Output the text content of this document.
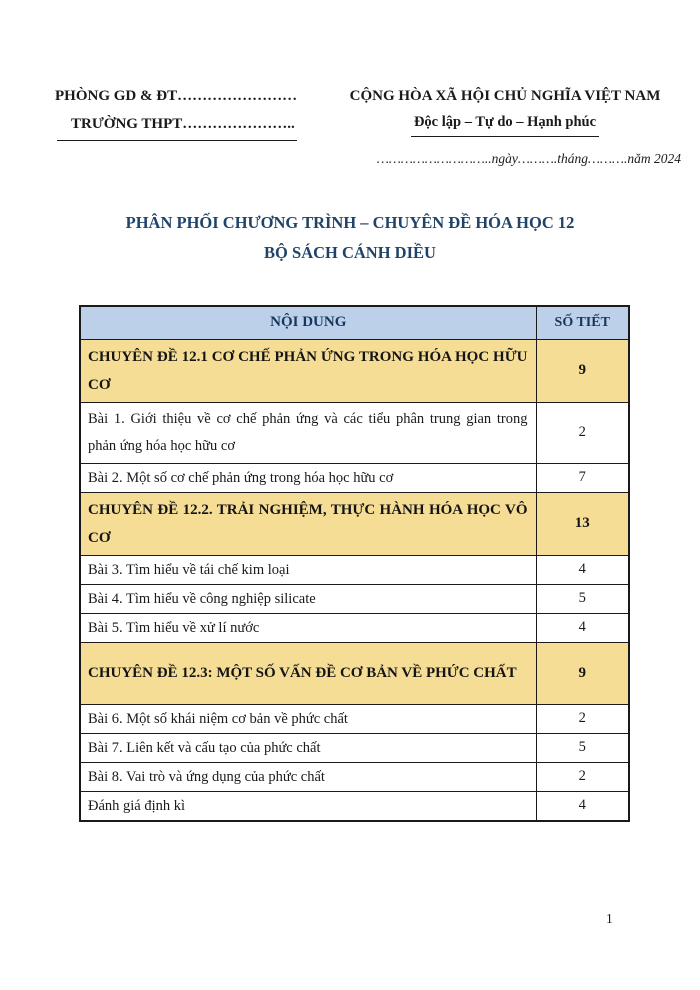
PHÒNG GD & ĐT……………………
TRƯỜNG THPT…………………..
CỘNG HÒA XÃ HỘI CHỦ NGHĨA VIỆT NAM
Độc lập – Tự do – Hạnh phúc
………………………..ngày……….tháng……….năm 2024
PHÂN PHỐI CHƯƠNG TRÌNH – CHUYÊN ĐỀ HÓA HỌC 12
BỘ SÁCH CÁNH DIỀU
NỘI DUNG	SỐ TIẾT
CHUYÊN ĐỀ 12.1 CƠ CHẾ PHẢN ỨNG TRONG HÓA HỌC HỮU CƠ	9
Bài 1. Giới thiệu về cơ chế phản ứng và các tiểu phân trung gian trong phản ứng hóa học hữu cơ	2
Bài 2. Một số cơ chế phản ứng trong hóa học hữu cơ	7
CHUYÊN ĐỀ 12.2. TRẢI NGHIỆM, THỰC HÀNH HÓA HỌC VÔ CƠ	13
Bài 3. Tìm hiểu về tái chế kim loại	4
Bài 4. Tìm hiểu về công nghiệp silicate	5
Bài 5. Tìm hiểu về xử lí nước	4
CHUYÊN ĐỀ 12.3: MỘT SỐ VẤN ĐỀ CƠ BẢN VỀ PHỨC CHẤT	9
Bài 6. Một số khái niệm cơ bản về phức chất	2
Bài 7. Liên kết và cấu tạo của phức chất	5
Bài 8. Vai trò và ứng dụng của phức chất	2
Đánh giá định kì	4
1
